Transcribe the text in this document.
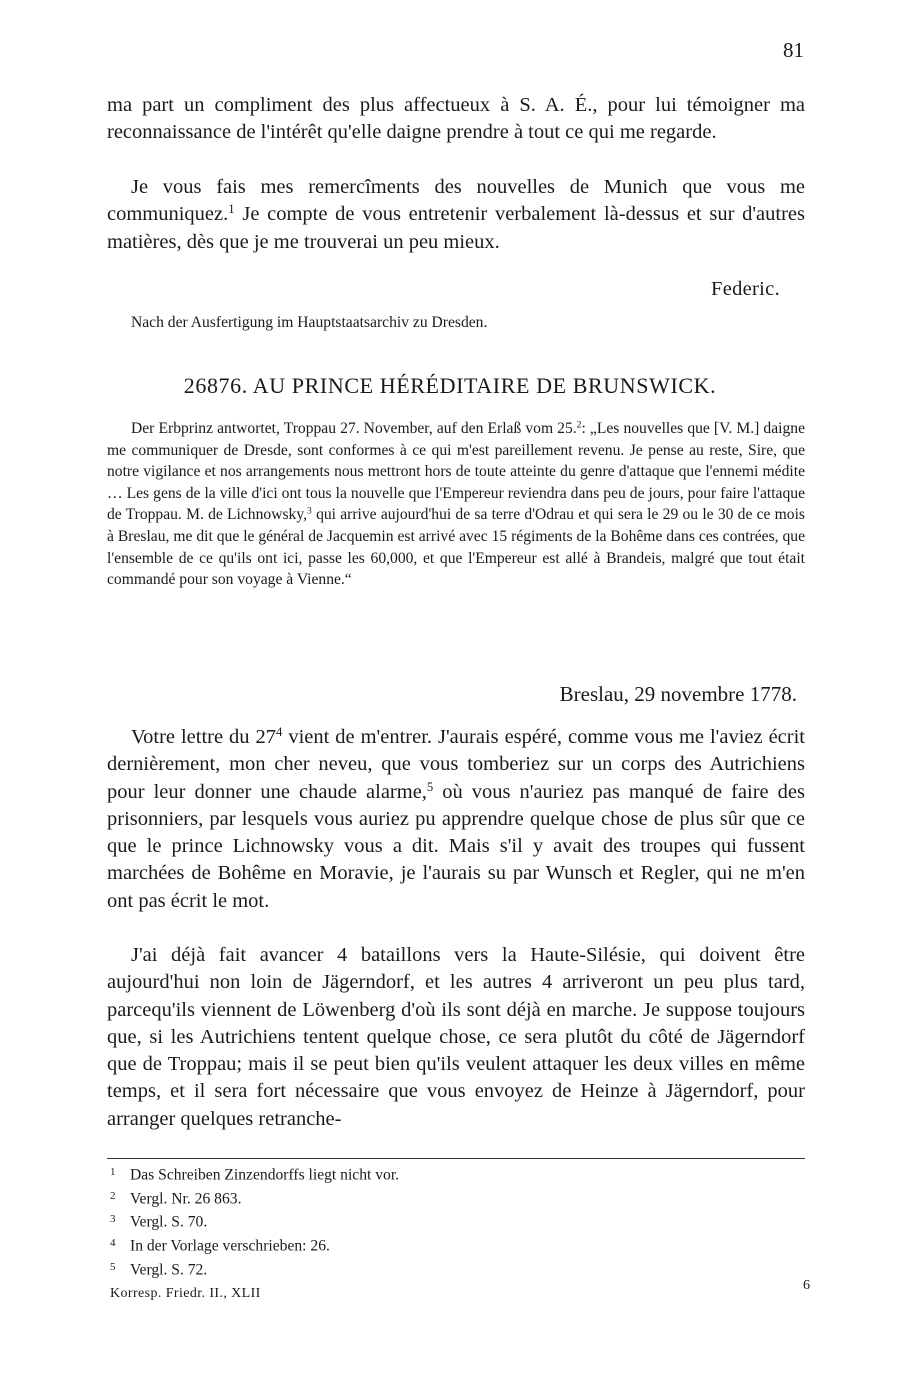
81

ma part un compliment des plus affectueux à S. A. É., pour lui témoigner ma reconnaissance de l'intérêt qu'elle daigne prendre à tout ce qui me regarde.

Je vous fais mes remercîments des nouvelles de Munich que vous me communiquez.$^1$ Je compte de vous entretenir verbalement là-dessus et sur d'autres matières, dès que je me trouverai un peu mieux.

Federic.
Nach der Ausfertigung im Hauptstaatsarchiv zu Dresden.
26876. AU PRINCE HÉRÉDITAIRE DE BRUNSWICK.

Der Erbprinz antwortet, Troppau 27. November, auf den Erlaß vom 25.$^2$: „Les nouvelles que [V. M.] daigne me communiquer de Dresde, sont conformes à ce qui m'est pareillement revenu. Je pense au reste, Sire, que notre vigilance et nos arrangements nous mettront hors de toute atteinte du genre d'attaque que l'ennemi médite … Les gens de la ville d'ici ont tous la nouvelle que l'Empereur reviendra dans peu de jours, pour faire l'attaque de Troppau. M. de Lichnowsky,$^3$ qui arrive aujourd'hui de sa terre d'Odrau et qui sera le 29 ou le 30 de ce mois à Breslau, me dit que le général de Jacquemin est arrivé avec 15 régiments de la Bohême dans ces contrées, que l'ensemble de ce qu'ils ont ici, passe les 60,000, et que l'Empereur est allé à Brandeis, malgré que tout était commandé pour son voyage à Vienne.“

Breslau, 29 novembre 1778.

Votre lettre du $27^4$ vient de m'entrer. J'aurais espéré, comme vous me l'aviez écrit dernièrement, mon cher neveu, que vous tomberiez sur un corps des Autrichiens pour leur donner une chaude alarme,$^5$ où vous n'auriez pas manqué de faire des prisonniers, par lesquels vous auriez pu apprendre quelque chose de plus sûr que ce que le prince Lichnowsky vous a dit. Mais s'il y avait des troupes qui fussent marchées de Bohême en Moravie, je l'aurais su par Wunsch et Regler, qui ne m'en ont pas écrit le mot.

J'ai déjà fait avancer 4 bataillons vers la Haute-Silésie, qui doivent être aujourd'hui non loin de Jägerndorf, et les autres 4 arriveront un peu plus tard, parcequ'ils viennent de Löwenberg d'où ils sont déjà en marche. Je suppose toujours que, si les Autrichiens tentent quelque chose, ce sera plutôt du côté de Jägerndorf que de Troppau; mais il se peut bien qu'ils veulent attaquer les deux villes en même temps, et il sera fort nécessaire que vous envoyez de Heinze à Jägerndorf, pour arranger quelques retranche-

1 Das Schreiben Zinzendorffs liegt nicht vor.

2 Vergl. Nr. 26 863.

3 Vergl. S. 70.

4 In der Vorlage verschrieben: 26.

5 Vergl. S. 72.

Korresp. Friedr. II., XLII
6
